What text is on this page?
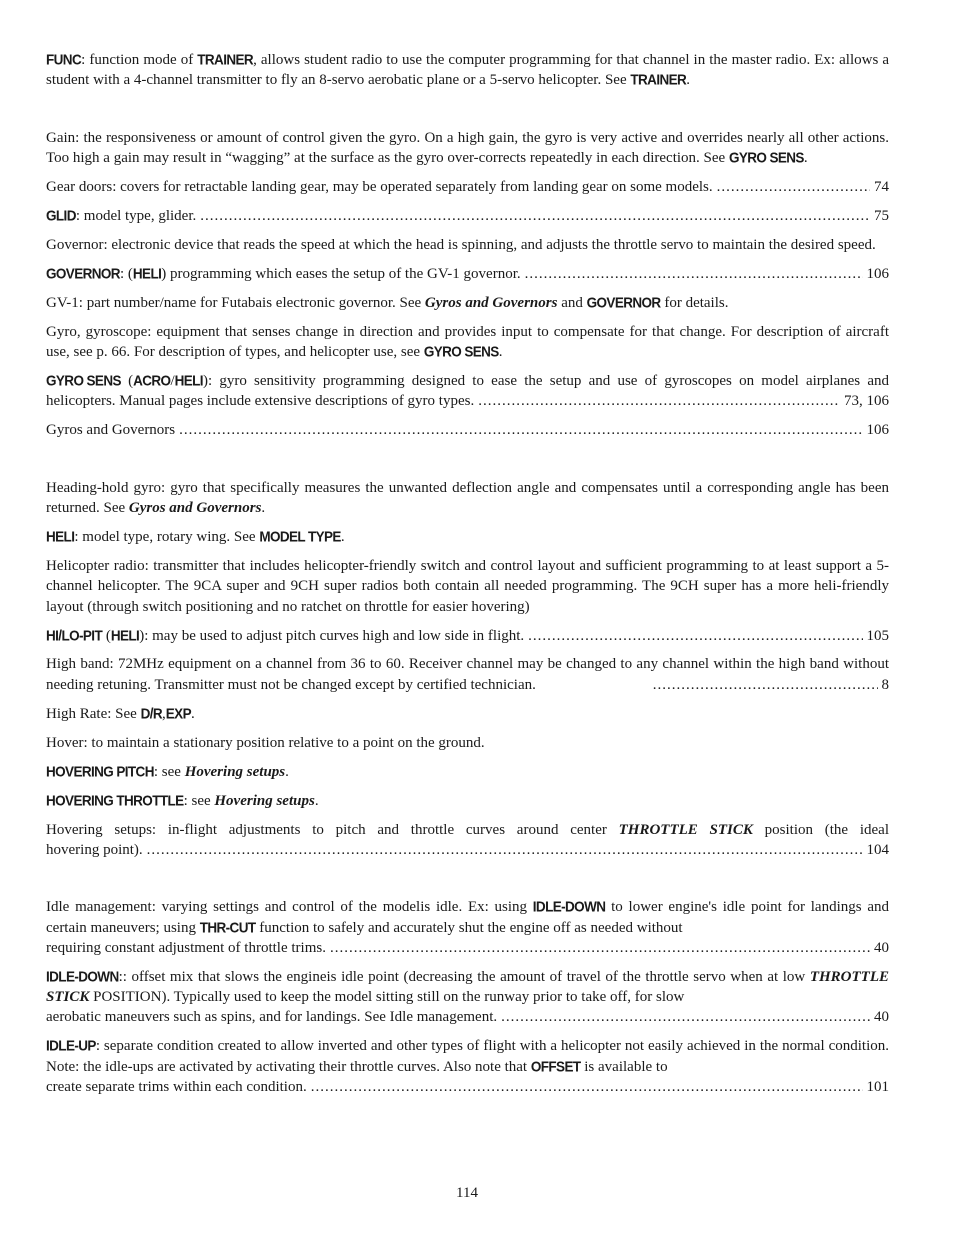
FUNC: function mode of TRAINER, allows student radio to use the computer programming for that channel in the master radio. Ex: allows a student with a 4-channel transmitter to fly an 8-servo aerobatic plane or a 5-servo helicopter. See TRAINER.

Gain: the responsiveness or amount of control given the gyro. On a high gain, the gyro is very active and overrides nearly all other actions. Too high a gain may result in “wagging” at the surface as the gyro over-corrects repeatedly in each direction. See GYRO SENS.

Gear doors: covers for retractable landing gear, may be operated separately from landing gear on some models. .....	74

GLID: model type, glider. .....	75

Governor: electronic device that reads the speed at which the head is spinning, and adjusts the throttle servo to maintain the desired speed.

GOVERNOR: (HELI) programming which eases the setup of the GV-1 governor. .....	106

GV-1: part number/name for Futabais electronic governor. See Gyros and Governors and GOVERNOR for details.

Gyro, gyroscope: equipment that senses change in direction and provides input to compensate for that change. For description of aircraft use, see p. 66. For description of types, and helicopter use, see GYRO SENS.

GYRO SENS (ACRO/HELI): gyro sensitivity programming designed to ease the setup and use of gyroscopes on model airplanes and helicopters. Manual pages include extensive descriptions of gyro types. .....	73, 106

Gyros and Governors .....	106

Heading-hold gyro: gyro that specifically measures the unwanted deflection angle and compensates until a corresponding angle has been returned. See Gyros and Governors.

HELI: model type, rotary wing. See MODEL TYPE.

Helicopter radio: transmitter that includes helicopter-friendly switch and control layout and sufficient programming to at least support a 5-channel helicopter. The 9CA super and 9CH super radios both contain all needed programming. The 9CH super has a more heli-friendly layout (through switch positioning and no ratchet on throttle for easier hovering)

HI/LO-PIT (HELI): may be used to adjust pitch curves high and low side in flight. .....	105

High band: 72MHz equipment on a channel from 36 to 60. Receiver channel may be changed to any channel within the high band without needing retuning. Transmitter must not be changed except by certified technician. .....	8

High Rate: See D/R,EXP.

Hover: to maintain a stationary position relative to a point on the ground.

HOVERING PITCH: see Hovering setups.

HOVERING THROTTLE: see Hovering setups.

Hovering setups: in-flight adjustments to pitch and throttle curves around center THROTTLE STICK position (the ideal
hovering point). .....	104

Idle management: varying settings and control of the modelis idle. Ex: using IDLE-DOWN to lower engine's idle point for landings and certain maneuvers; using THR-CUT function to safely and accurately shut the engine off as needed without
requiring constant adjustment of throttle trims. .....	40

IDLE-DOWN:: offset mix that slows the engineis idle point (decreasing the amount of travel of the throttle servo when at low THROTTLE STICK POSITION). Typically used to keep the model sitting still on the runway prior to take off, for slow
aerobatic maneuvers such as spins, and for landings. See Idle management. .....	40

IDLE-UP: separate condition created to allow inverted and other types of flight with a helicopter not easily achieved in the normal condition. Note: the idle-ups are activated by activating their throttle curves. Also note that OFFSET is available to
create separate trims within each condition. .....	101

114
